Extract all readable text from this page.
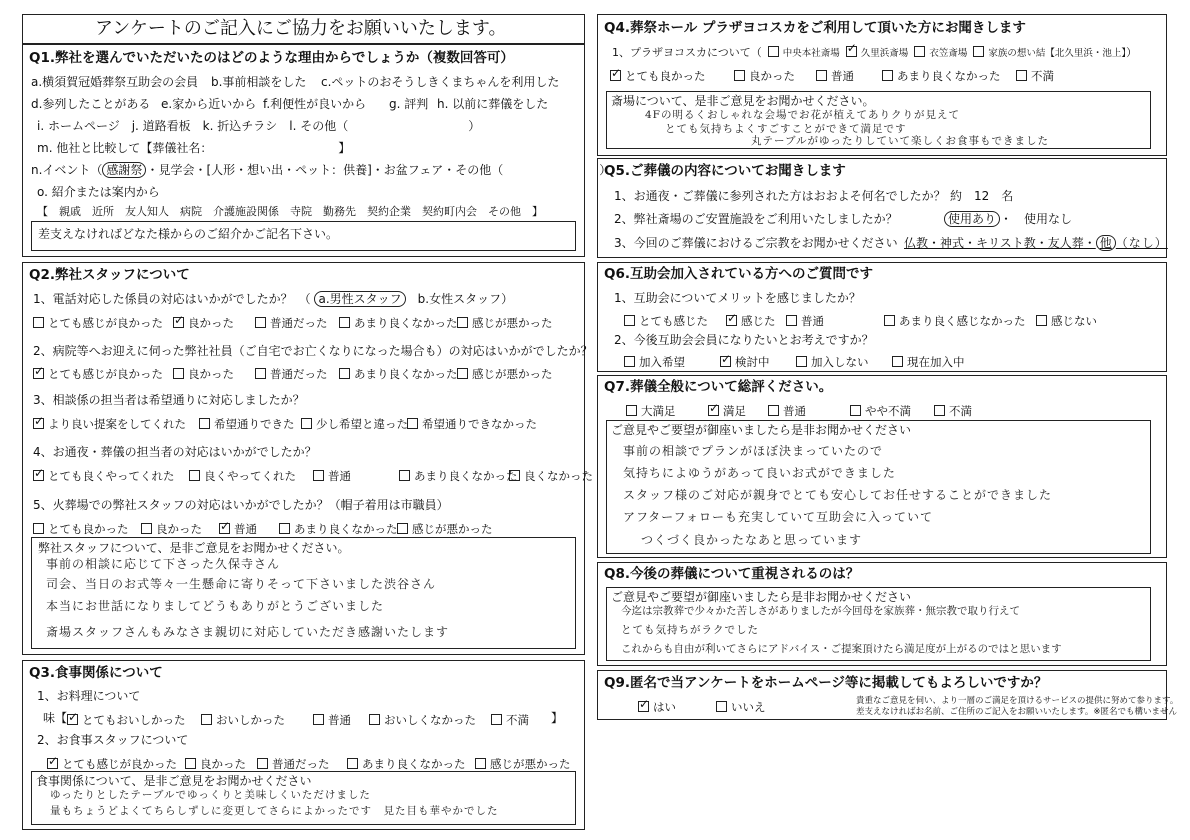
アンケートのご記入にご協力をお願いいたします。
Q1.弊社を選んでいただいたのはどのような理由からでしょうか（複数回答可）
a.横須賀冠婚葬祭互助会の会員 b.事前相談をした c.ペットのおそうしきくまちゃんを利用した
d.参列したことがある e.家から近いから f.利便性が良いから g. 評判 h. 以前に葬儀をした
i. ホームページ　j. 道路看板　k. 折込チラシ　l. その他（　　　　　　　　　　）
m. 他社と比較して【葬儀社名：　　　　　　　　　　　】
n.イベント（ 感謝祭 ・見学会・[人形・想い出・ペット：供養]・お盆フェア・その他（　　　　　　　　）
o. 紹介または案内から
【　親戚　近所　友人知人　病院　介護施設関係　寺院　勤務先　契約企業　契約町内会　その他　】
差支えなければどなた様からのご紹介かご記名下さい。
Q2.弊社スタッフについて
1、電話対応した係員の対応はいかがでしたか？　（ a.男性スタッフ　 b.女性スタッフ）
2、病院等へお迎えに伺った弊社社員（ご自宅でお亡くなりになった場合も）の対応はいかがでしたか？
3、相談係の担当者は希望通りに対応しましたか？
4、お通夜・葬儀の担当者の対応はいかがでしたか？
5、火葬場での弊社スタッフの対応はいかがでしたか？（帽子着用は市職員）
弊社スタッフについて、是非ご意見をお聞かせください。
事前の相談に応じて下さった久保寺さん
司会、当日のお式等々一生懸命に寄りそって下さいました渋谷さん
本当にお世話になりましてどうもありがとうございました
斎場スタッフさんもみなさま親切に対応していただき感謝いたします
とても感じが良かった ✓	良かった	普通だった	あまり良くなかった	感じが悪かった
✓とても感じが良かった	良かった	普通だった	あまり良くなかった	感じが悪かった
✓より良い提案をしてくれた	希望通りできた	少し希望と違った	希望通りできなかった
✓とても良くやってくれた	良くやってくれた	普通	あまり良くなかった 良くなかった
とても良かった	良かった ✓	普通	あまり良くなかった	感じが悪かった
Q3.食事関係について
1、お料理について
味【	】
2、お食事スタッフについて
食事関係について、是非ご意見をお聞かせください
ゆったりとしたテーブルでゆっくりと美味しくいただけました
量もちょうどよくてちらしずしに変更してさらによかったです　見た目も華やかでした
✓とてもおいしかった	おいしかった	普通	おいしくなかった	不満
✓とても感じが良かった	良かった	普通だった	あまり良くなかった	感じが悪かった
Q4.葬祭ホール プラザヨコスカをご利用して頂いた方にお聞きします
1、プラザヨコスカについて（ 中央本社斎場 ✓ 久里浜斎場 衣笠斎場 家族の想い結【北久里浜・池上】）
斎場について、是非ご意見をお聞かせください。
4Fの明るくおしゃれな会場でお花が植えてありクりが見えて
とても気持ちよくすごすことができて満足です
丸テーブルがゆったりしていて楽しくお食事もできました
✓とても良かった	良かった	普通	あまり良くなかった	不満
Q5.ご葬儀の内容についてお聞きします
1、お通夜・ご葬儀に参列された方はおおよそ何名でしたか？ 約　12　名
2、弊社斎場のご安置施設をご利用いたしましたか？	使用あり ・　使用なし
3、今回のご葬儀におけるご宗教をお聞かせください 仏教・神式・キリスト教・友人葬・ 他 （なし）
Q6.互助会加入されている方へのご質問です
1、互助会についてメリットを感じましたか？
2、今後互助会会員になりたいとお考えですか？
とても感じた ✓	感じた	普通	あまり良く感じなかった	感じない
加入希望 ✓	検討中	加入しない	現在加入中
Q7.葬儀全般について総評ください。
ご意見やご要望が御座いましたら是非お聞かせください
事前の相談でプランがほぼ決まっていたので
気持ちによゆうがあって良いお式ができました
スタッフ様のご対応が親身でとても安心してお任せすることができました
アフターフォローも充実していて互助会に入っていて
つくづく良かったなあと思っています
大満足 ✓	満足	普通	やや不満	不満
Q8.今後の葬儀について重視されるのは？
ご意見やご要望が御座いましたら是非お聞かせください
今迄は宗教葬で少々かた苦しさがありましたが今回母を家族葬・無宗教で取り行えて
とても気持ちがラクでした
これからも自由が利いてさらにアドバイス・ご提案頂けたら満足度が上がるのではと思います
Q9.匿名で当アンケートをホームページ等に掲載してもよろしいですか？
✓はい	いいえ	貴重なご意見を伺い、より一層のご満足を頂けるサービスの提供に努めて参ります。
差支えなければお名前、ご住所のご記入をお願いいたします。※匿名でも構いません
